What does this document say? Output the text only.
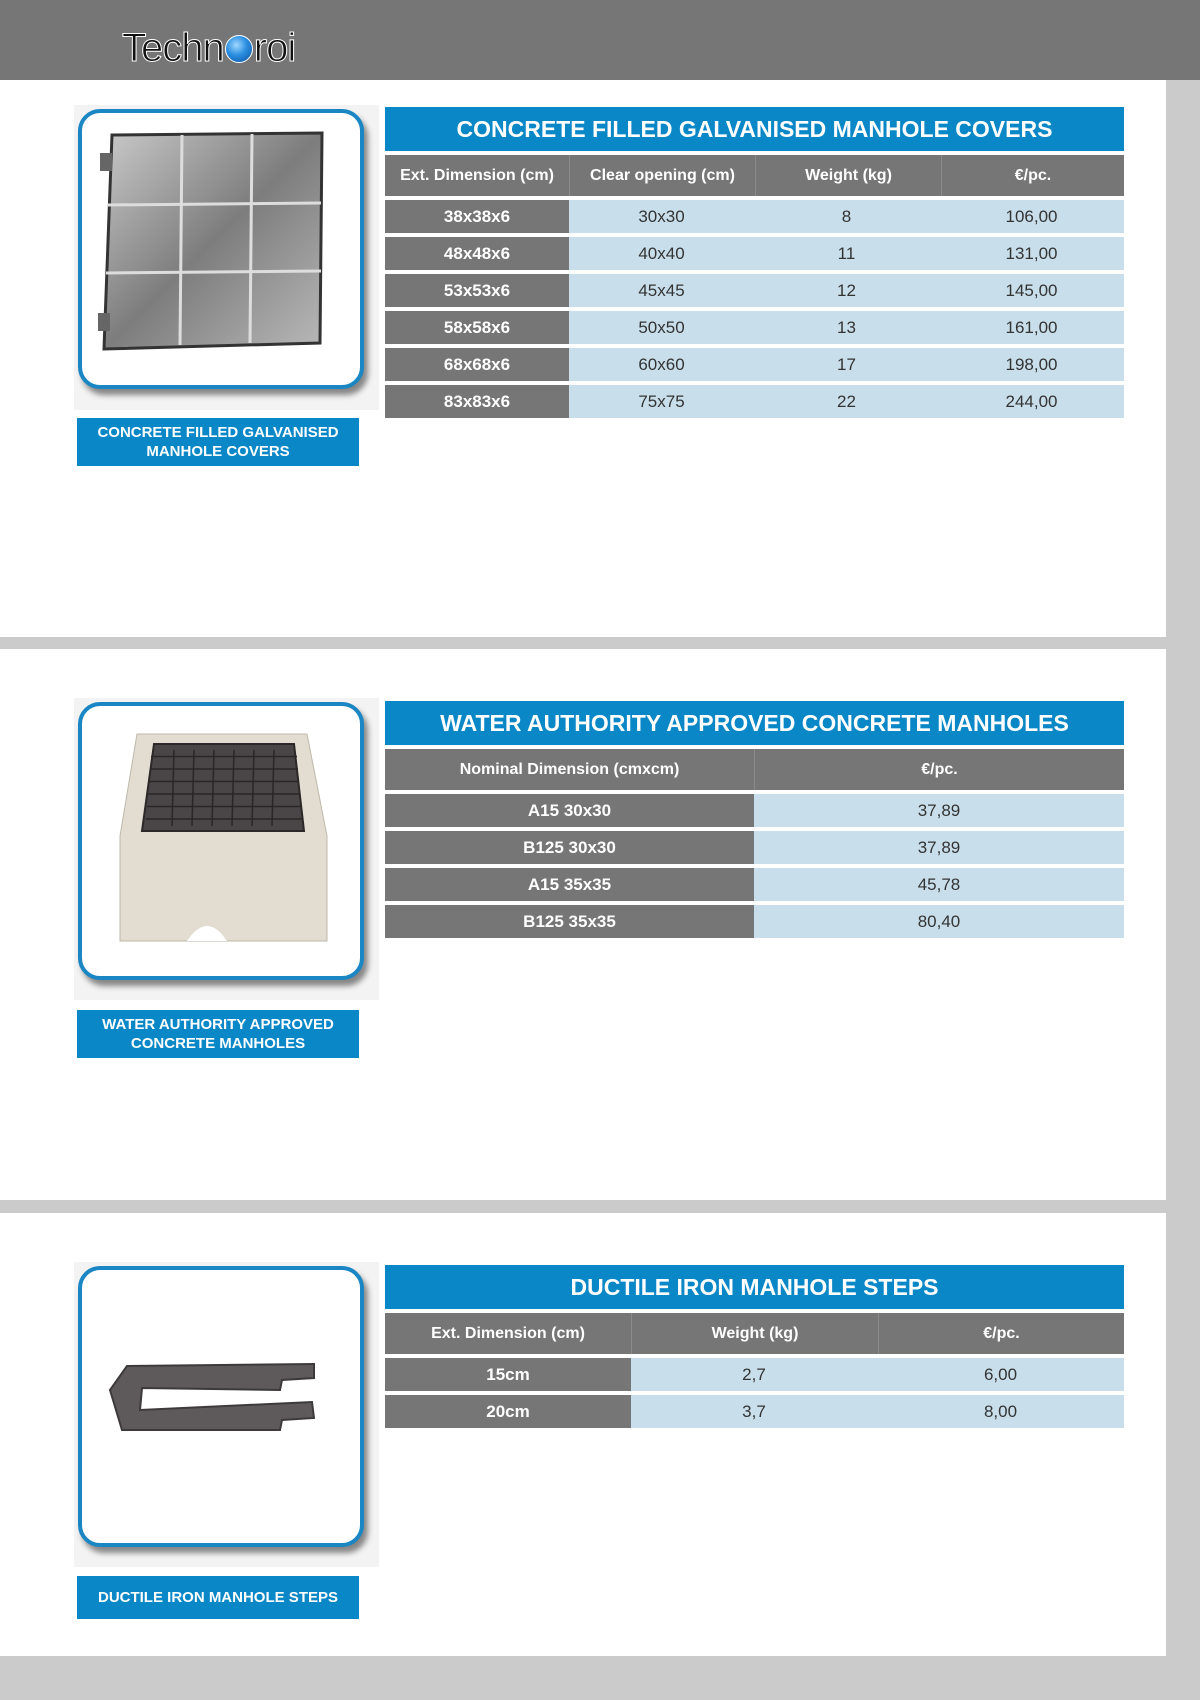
Techn roi
CONCRETE FILLED GALVANISED
MANHOLE COVERS
CONCRETE FILLED GALVANISED MANHOLE COVERS
Ext. Dimension (cm)	Clear opening (cm)	Weight (kg)	€/pc.
38x38x6	30x30	8	106,00
48x48x6	40x40	11	131,00
53x53x6	45x45	12	145,00
58x58x6	50x50	13	161,00
68x68x6	60x60	17	198,00
83x83x6	75x75	22	244,00
WATER AUTHORITY APPROVED
CONCRETE MANHOLES
WATER AUTHORITY APPROVED CONCRETE MANHOLES
Nominal Dimension (cmxcm)	€/pc.
A15 30x30	37,89
B125 30x30	37,89
A15 35x35	45,78
B125 35x35	80,40
DUCTILE IRON MANHOLE STEPS
DUCTILE IRON MANHOLE STEPS
Ext. Dimension (cm)	Weight (kg)	€/pc.
15cm	2,7	6,00
20cm	3,7	8,00
